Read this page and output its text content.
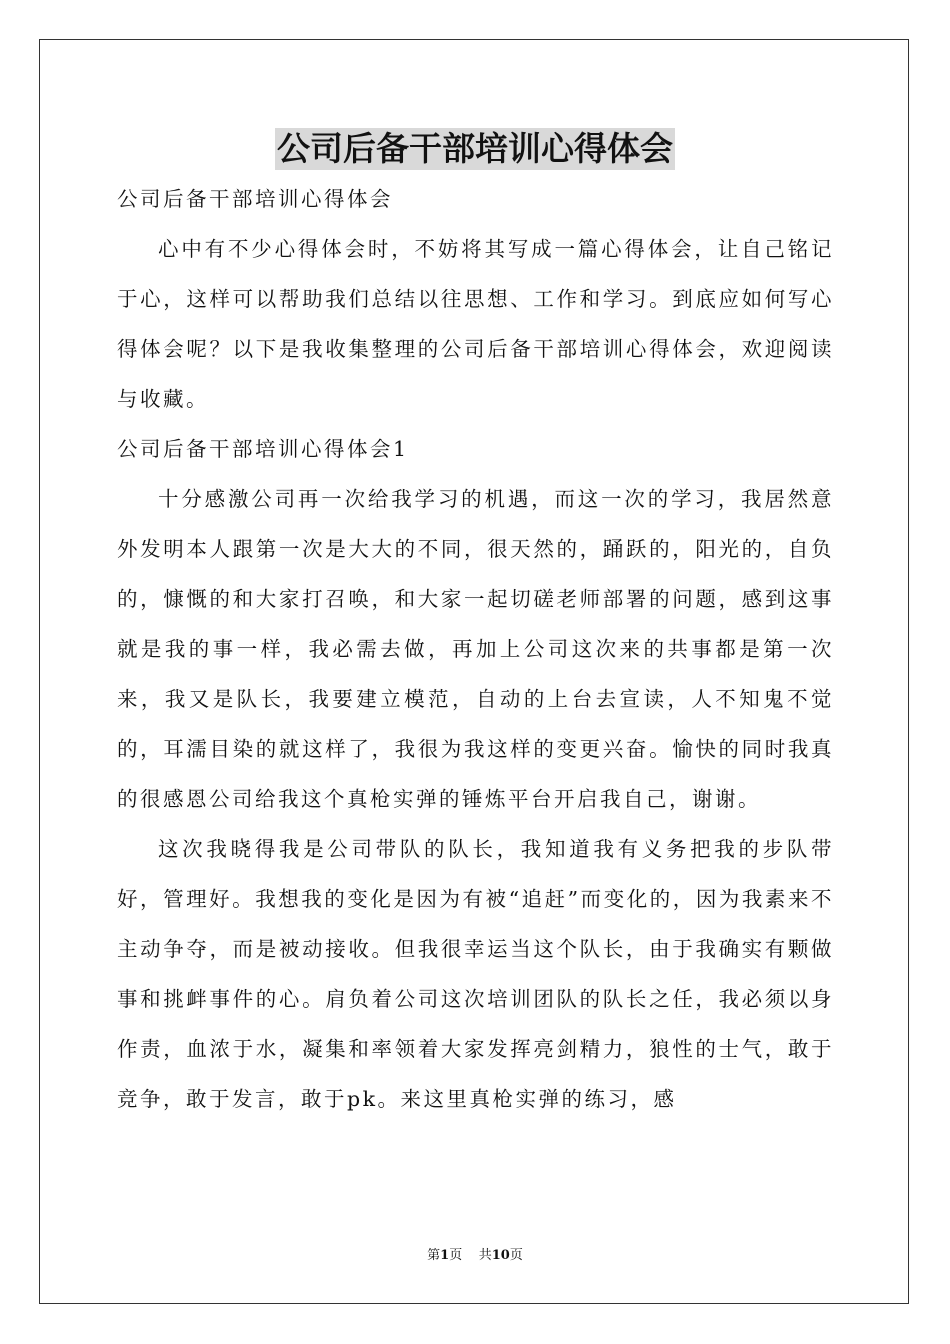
公司后备干部培训心得体会

公司后备干部培训心得体会

心中有不少心得体会时，不妨将其写成一篇心得体会，让自己铭记于心，这样可以帮助我们总结以往思想、工作和学习。到底应如何写心得体会呢？以下是我收集整理的公司后备干部培训心得体会，欢迎阅读与收藏。

公司后备干部培训心得体会1

十分感激公司再一次给我学习的机遇，而这一次的学习，我居然意外发明本人跟第一次是大大的不同，很天然的，踊跃的，阳光的，自负的，慷慨的和大家打召唤，和大家一起切磋老师部署的问题，感到这事就是我的事一样，我必需去做，再加上公司这次来的共事都是第一次来，我又是队长，我要建立模范，自动的上台去宣读，人不知鬼不觉的，耳濡目染的就这样了，我很为我这样的变更兴奋。愉快的同时我真的很感恩公司给我这个真枪实弹的锤炼平台开启我自己，谢谢。

这次我晓得我是公司带队的队长，我知道我有义务把我的步队带好，管理好。我想我的变化是因为有被“追赶”而变化的，因为我素来不主动争夺，而是被动接收。但我很幸运当这个队长，由于我确实有颗做事和挑衅事件的心。肩负着公司这次培训团队的队长之任，我必须以身作责，血浓于水，凝集和率领着大家发挥亮剑精力，狼性的士气，敢于竞争，敢于发言，敢于pk。来这里真枪实弹的练习，感

第1页 共10页
